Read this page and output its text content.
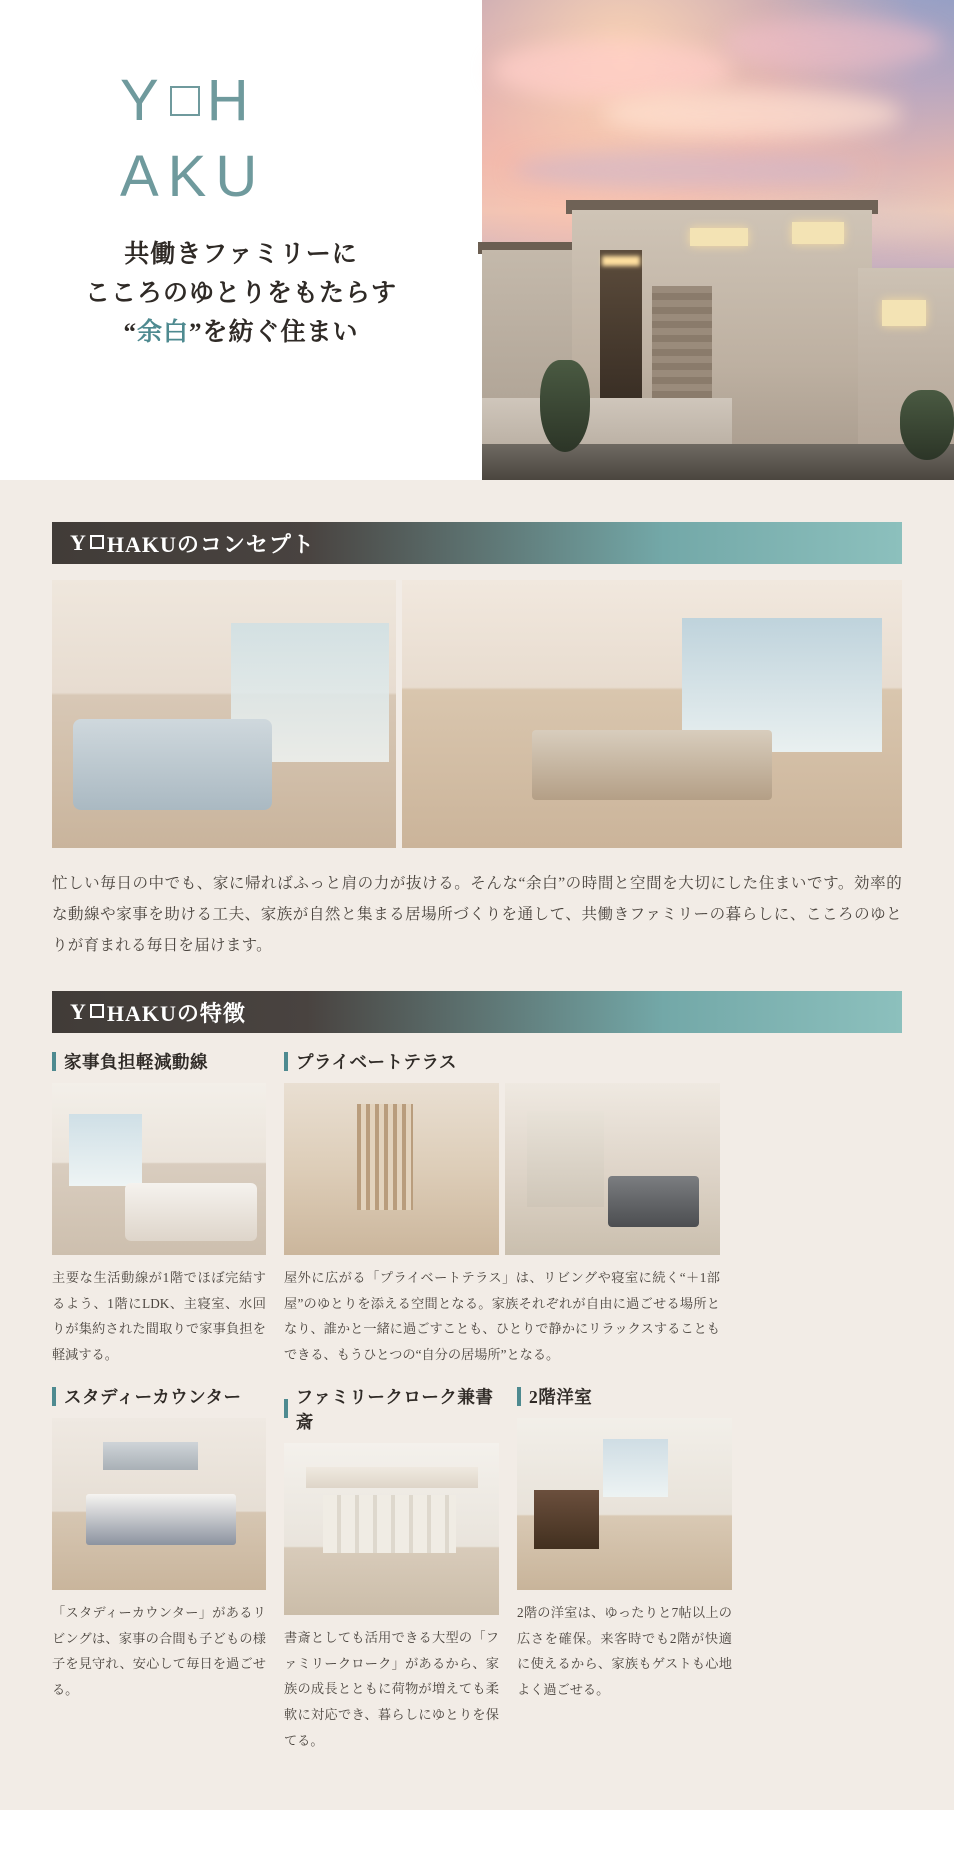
Y H
AKU
共働きファミリーに
こころのゆとりをもたらす
“余白”を紡ぐ住まい
Y HAKUのコンセプト

忙しい毎日の中でも、家に帰ればふっと肩の力が抜ける。そんな“余白”の時間と空間を大切にした住まいです。効率的な動線や家事を助ける工夫、家族が自然と集まる居場所づくりを通して、共働きファミリーの暮らしに、こころのゆとりが育まれる毎日を届けます。

Y HAKUの特徴
家事負担軽減動線

主要な生活動線が1階でほぼ完結するよう、1階にLDK、主寝室、水回りが集約された間取りで家事負担を軽減する。

プライベートテラス

屋外に広がる「プライベートテラス」は、リビングや寝室に続く“＋1部屋”のゆとりを添える空間となる。家族それぞれが自由に過ごせる場所となり、誰かと一緒に過ごすことも、ひとりで静かにリラックスすることもできる、もうひとつの“自分の居場所”となる。

スタディーカウンター

「スタディーカウンター」があるリビングは、家事の合間も子どもの様子を見守れ、安心して毎日を過ごせる。

ファミリークローク兼書斎

書斎としても活用できる大型の「ファミリークローク」があるから、家族の成長とともに荷物が増えても柔軟に対応でき、暮らしにゆとりを保てる。

2階洋室

2階の洋室は、ゆったりと7帖以上の広さを確保。来客時でも2階が快適に使えるから、家族もゲストも心地よく過ごせる。
